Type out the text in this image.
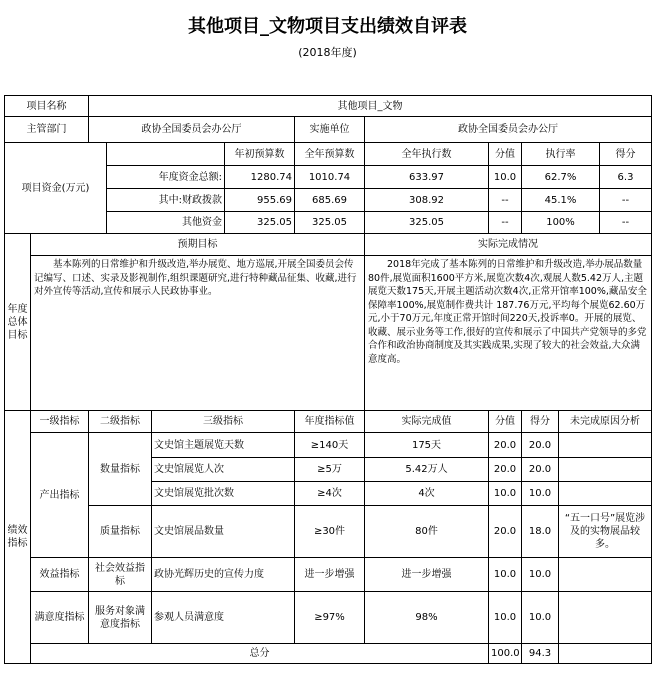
其他项目_文物项目支出绩效自评表
(2018年度)
项目名称		其他项目_文物									
主管部门		政协全国委员会办公厅				实施单位	政协全国委员会办公厅				
项目资金(万元)					年初预算数	全年预算数	全年执行数	分值	执行率		得分
			年度资金总额:		1280.74	1010.74	633.97	10.0	62.7%		6.3
			其中:财政拨款		955.69	685.69	308.92	--	45.1%		--
			其他资金		325.05	325.05	325.05	--	100%		--
年度总体目标	预期目标						实际完成情况				
	基本陈列的日常维护和升级改造,举办展览、地方巡展,开展全国委员会传记编写、口述、实录及影视制作,组织课题研究,进行特种藏品征集、收藏,进行对外宣传等活动,宣传和展示人民政协事业。						2018年完成了基本陈列的日常维护和升级改造,举办展品数量80件,展览面积1600平方米,展览次数4次,观展人数5.42万人,主题展览天数175天,开展主题活动次数4次,正常开馆率100%,藏品安全保障率100%,展览制作费共计 187.76万元,平均每个展览62.60万元,小于70万元,年度正常开馆时间220天,投诉率0。开展的展览、收藏、展示业务等工作,很好的宣传和展示了中国共产党领导的多党合作和政治协商制度及其实践成果,实现了较大的社会效益,大众满意度高。				
绩效指标	一级指标	二级指标		三级指标		年度指标值	实际完成值	分值	得分	未完成原因分析	
	产出指标	数量指标		文史馆主题展览天数		≥140天	175天	20.0	20.0		
				文史馆展览人次		≥5万	5.42万人	20.0	20.0		
				文史馆展览批次数		≥4次	4次	10.0	10.0		
		质量指标		文史馆展品数量		≥30件	80件	20.0	18.0	“五一口号”展览涉及的实物展品较多。	
	效益指标	社会效益指标		政协光辉历史的宣传力度		进一步增强	进一步增强	10.0	10.0		
	满意度指标	服务对象满意度指标		参观人员满意度		≥97%	98%	10.0	10.0		
	总分							100.0	94.3		
